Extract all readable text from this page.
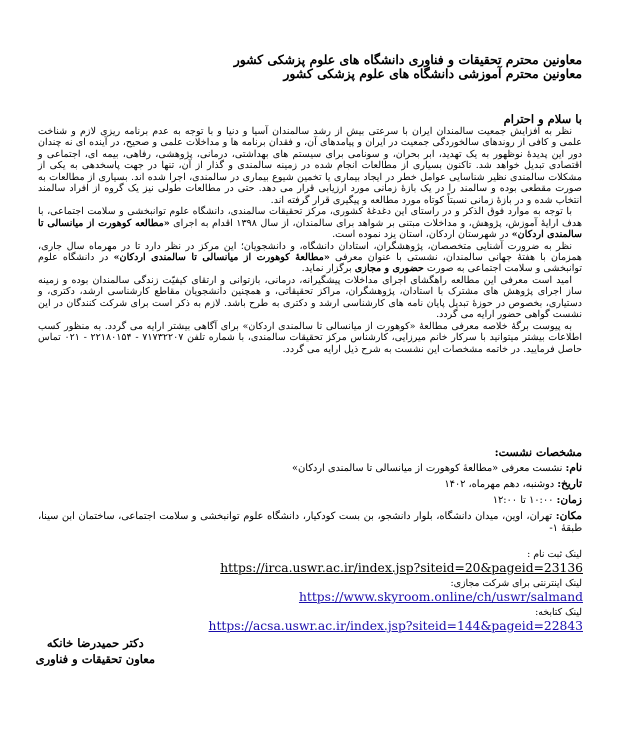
معاونین محترم تحقیقات و فناوری دانشگاه های علوم پزشکی کشور
معاونین محترم آموزشی دانشگاه های علوم پزشکی کشور
با سلام و احترام

نظر به افزایش جمعیت سالمندان ایران با سرعتی بیش از رشد سالمندان آسیا و دنیا و با توجه به عدم برنامه ریزی لازم و شناخت علمی و کافی از روندهای سالخوردگی جمعیت در ایران و پیامدهای آن، و فقدان برنامه ها و مداخلات علمی و صحیح، در آینده ای نه چندان دور این پدیدهٔ نوظهور به یک تهدید، ابر بحران، و سونامی برای سیستم های بهداشتی، درمانی، پژوهشی، رفاهی، بیمه ای، اجتماعی و اقتصادی تبدیل خواهد شد. تاکنون بسیاری از مطالعات انجام شده در زمینه سالمندی و گذار از آن، تنها در جهت پاسخدهی به یکی از مشکلات سالمندی نظیر شناسایی عوامل خطر در ایجاد بیماری یا تخمین شیوع بیماری در سالمندی، اجرا شده اند. بسیاری از مطالعات به صورت مقطعی بوده و سالمند را در یک بازهٔ زمانی مورد ارزیابی قرار می دهد. حتی در مطالعات طولی نیز یک گروه از افراد سالمند انتخاب شده و در بازهٔ زمانی نسبتاً کوتاه مورد مطالعه و پیگیری قرار گرفته اند.

با توجه به موارد فوق الذکر و در راستای این دغدغهٔ کشوری، مرکز تحقیقات سالمندی، دانشگاه علوم توانبخشی و سلامت اجتماعی، با هدف ارایهٔ آموزش، پژوهش، و مداخلات مبتنی بر شواهد برای سالمندان، از سال ۱۳۹۸ اقدام به اجرای «مطالعه کوهورت از میانسالی تا سالمندی اردکان» در شهرستان اردکان، استان یزد نموده است.

نظر به ضرورت آشنایی متخصصان، پژوهشگران، استادان دانشگاه، و دانشجویان؛ این مرکز در نظر دارد تا در مهرماه سال جاری، همزمان با هفتهٔ جهانی سالمندان، نشستی با عنوان معرفی «مطالعهٔ کوهورت از میانسالی تا سالمندی اردکان» در دانشگاه علوم توانبخشی و سلامت اجتماعی به صورت حضوری و مجازی برگزار نماید.

امید است معرفی این مطالعه راهگشای اجرای مداخلات پیشگیرانه، درمانی، بازتوانی و ارتقای کیفیّت زندگی سالمندان بوده و زمینه ساز اجرای پژوهش های مشترک با استادان، پژوهشگران، مراکز تحقیقاتی، و همچنین دانشجویان مقاطع کارشناسی ارشد، دکتری، و دستیاری، بخصوص در حوزهٔ تبدیل پایان نامه های کارشناسی ارشد و دکتری به طرح باشد. لازم به ذکر است برای شرکت کنندگان در این نشست گواهی حضور ارایه می گردد.

به پیوست برگهٔ خلاصه معرفی مطالعهٔ «کوهورت از میانسالی تا سالمندی اردکان» برای آگاهی بیشتر ارایه می گردد. به منظور کسب اطلاعات بیشتر میتوانید با سرکار خانم میرزایی، کارشناس مرکز تحقیقات سالمندی، با شماره تلفن ۷۱۷۳۲۲۰۷ - ۲۲۱۸۰۱۵۴ - ۰۲۱ تماس حاصل فرمایید. در خاتمه مشخصات این نشست به شرح ذیل ارایه می گردد.

مشخصات نشست:
نام: نشست معرفی «مطالعهٔ کوهورت از میانسالی تا سالمندی اردکان»
تاریخ: دوشنبه، دهم مهرماه، ۱۴۰۲
زمان: ۱۰:۰۰ تا ۱۲:۰۰
مکان: تهران، اوین، میدان دانشگاه، بلوار دانشجو، بن بست کودکیار، دانشگاه علوم توانبخشی و سلامت اجتماعی، ساختمان ابن سینا، طبقهٔ ۱-
لینک ثبت نام :
https://irca.uswr.ac.ir/index.jsp?siteid=20&pageid=23136
لینک اینترنتی برای شرکت مجازی:
https://www.skyroom.online/ch/uswr/salmand
لینک کتابخه:
https://acsa.uswr.ac.ir/index.jsp?siteid=144&pageid=22843
دکتر حمیدرضا خانکه
معاون تحقیقات و فناوری
